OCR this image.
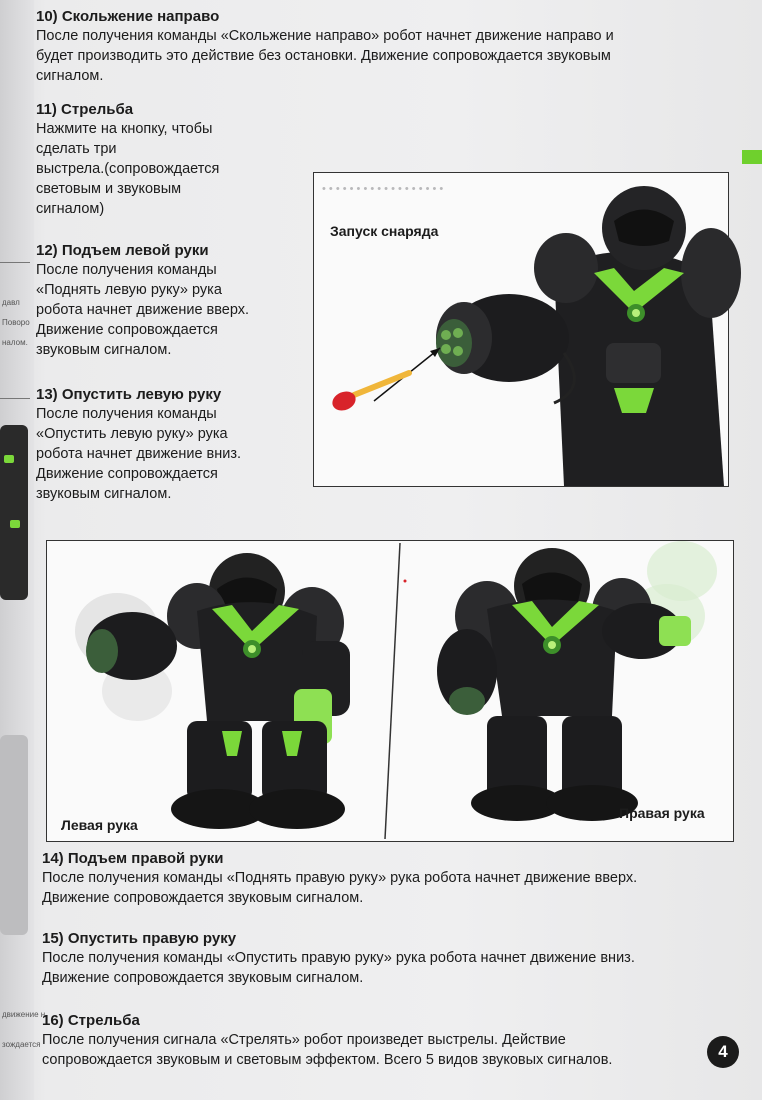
давл
Поворо
налом.
движение н
зождается
10) Скольжение направо

После получения команды «Скольжение направо» робот начнет движение направо и

будет производить это действие без остановки. Движение сопровождается звуковым

сигналом.

11) Стрельба

Нажмите на кнопку, чтобы

сделать три

выстрела.(сопровождается

световым и звуковым

сигналом)

12) Подъем левой руки

После получения команды

«Поднять левую руку» рука

робота начнет движение вверх.

Движение сопровождается

звуковым сигналом.

13) Опустить левую руку

После получения команды

«Опустить левую руку» рука

робота начнет движение вниз.

Движение сопровождается

звуковым сигналом.

• • • • • • • • • • • • • • • • • •
Запуск снаряда
Левая рука
Правая рука
14) Подъем правой руки

После получения команды «Поднять правую руку» рука робота начнет движение вверх.

Движение сопровождается звуковым сигналом.

15) Опустить правую руку

После получения команды «Опустить правую руку» рука робота начнет движение вниз.

Движение сопровождается звуковым сигналом.

16) Стрельба

После получения сигнала «Стрелять» робот произведет выстрелы. Действие

сопровождается звуковым и световым эффектом. Всего 5 видов звуковых сигналов.	4
